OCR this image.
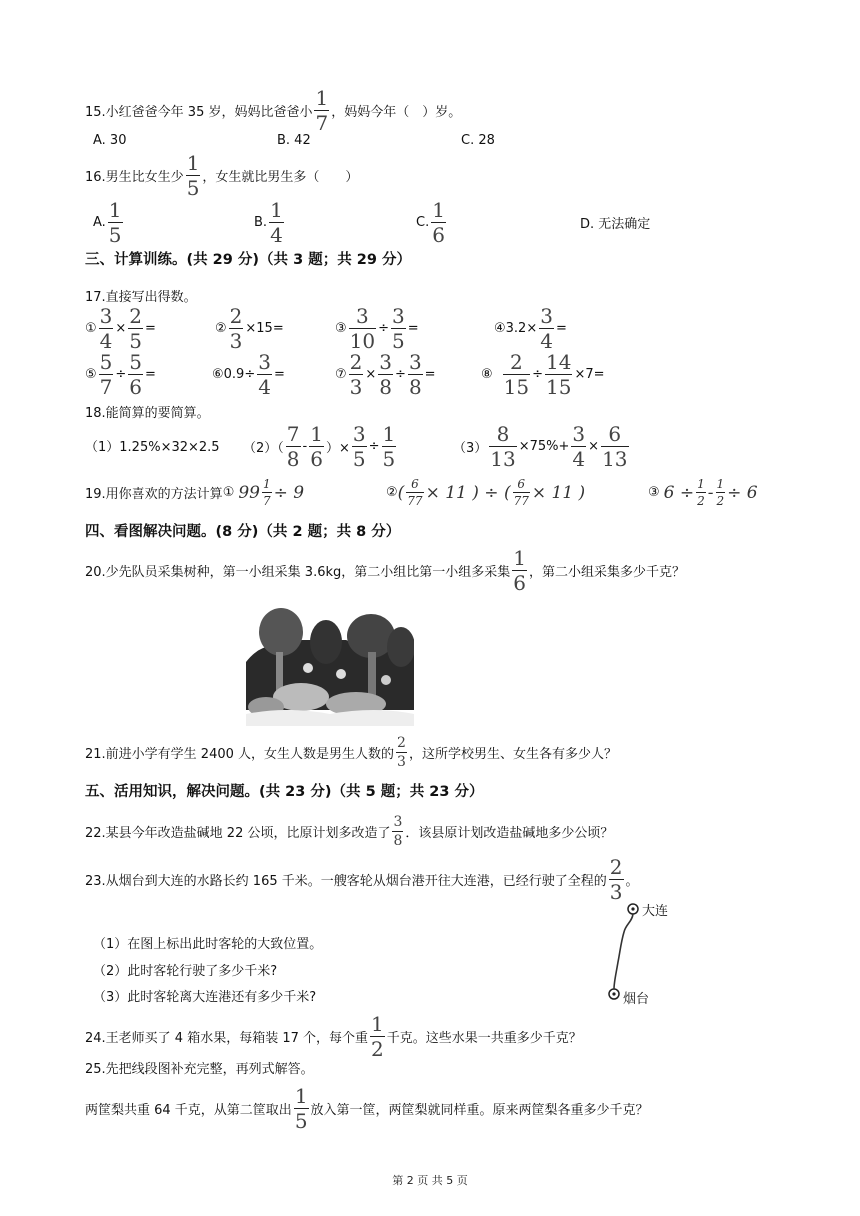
15.小红爸爸今年 35 岁，妈妈比爸爸小
1
7 ，妈妈今年（　）岁。
A. 30	B. 42	C. 28
16.男生比女生少
1
5 ，女生就比男生多（　　）
A.
1
5
B.
1
4
C.
1
6	D. 无法确定
三、计算训练。(共 29 分)（共 3 题；共 29 分）
17.直接写出得数。
①
3
4
×
2
5
=	②
2
3
×15=	③
3
10
÷
3
5
=	④ 3.2×
3
4
=
⑤
5
7
÷
5
6
=	⑥ 0.9÷
3
4
=	⑦
2
3
×
3
8
÷
3
8
=	⑧
2
15
÷
14
15
×7=
18.能简算的要简算。
（1）1.25%×32×2.5 （2）（
7
8
-
1
6 ）×
3
5
÷
1
5	（3）
8
13
×75%+
3
4
×
6
13
19.用你喜欢的方法计算 ① 99 1
7 ÷ 9	② ( 6
77 × 11 ) ÷ ( 6
77 × 11 )	③ 6 ÷ 1
2 - 1
2 ÷ 6
四、看图解决问题。(8 分)（共 2 题；共 8 分）
20.少先队员采集树种，第一小组采集 3.6kg，第二小组比第一小组多采集
1
6 ，第二小组采集多少千克？
21.前进小学有学生 2400 人，女生人数是男生人数的
2
3 ，这所学校男生、女生各有多少人？
五、活用知识，解决问题。(共 23 分)（共 5 题；共 23 分）
22.某县今年改造盐碱地 22 公顷，比原计划多改造了
3
8 ．该县原计划改造盐碱地多少公顷？
23.从烟台到大连的水路长约 165 千米。一艘客轮从烟台港开往大连港，已经行驶了全程的
2
3 。
（1）在图上标出此时客轮的大致位置。
（2）此时客轮行驶了多少千米?
（3）此时客轮离大连港还有多少千米?
大连
烟台
24.王老师买了 4 箱水果，每箱装 17 个，每个重
1
2 千克。这些水果一共重多少千克？
25.先把线段图补充完整，再列式解答。
两筐梨共重 64 千克，从第二筐取出
1
5 放入第一筐，两筐梨就同样重。原来两筐梨各重多少千克？
第 2 页 共 5 页
